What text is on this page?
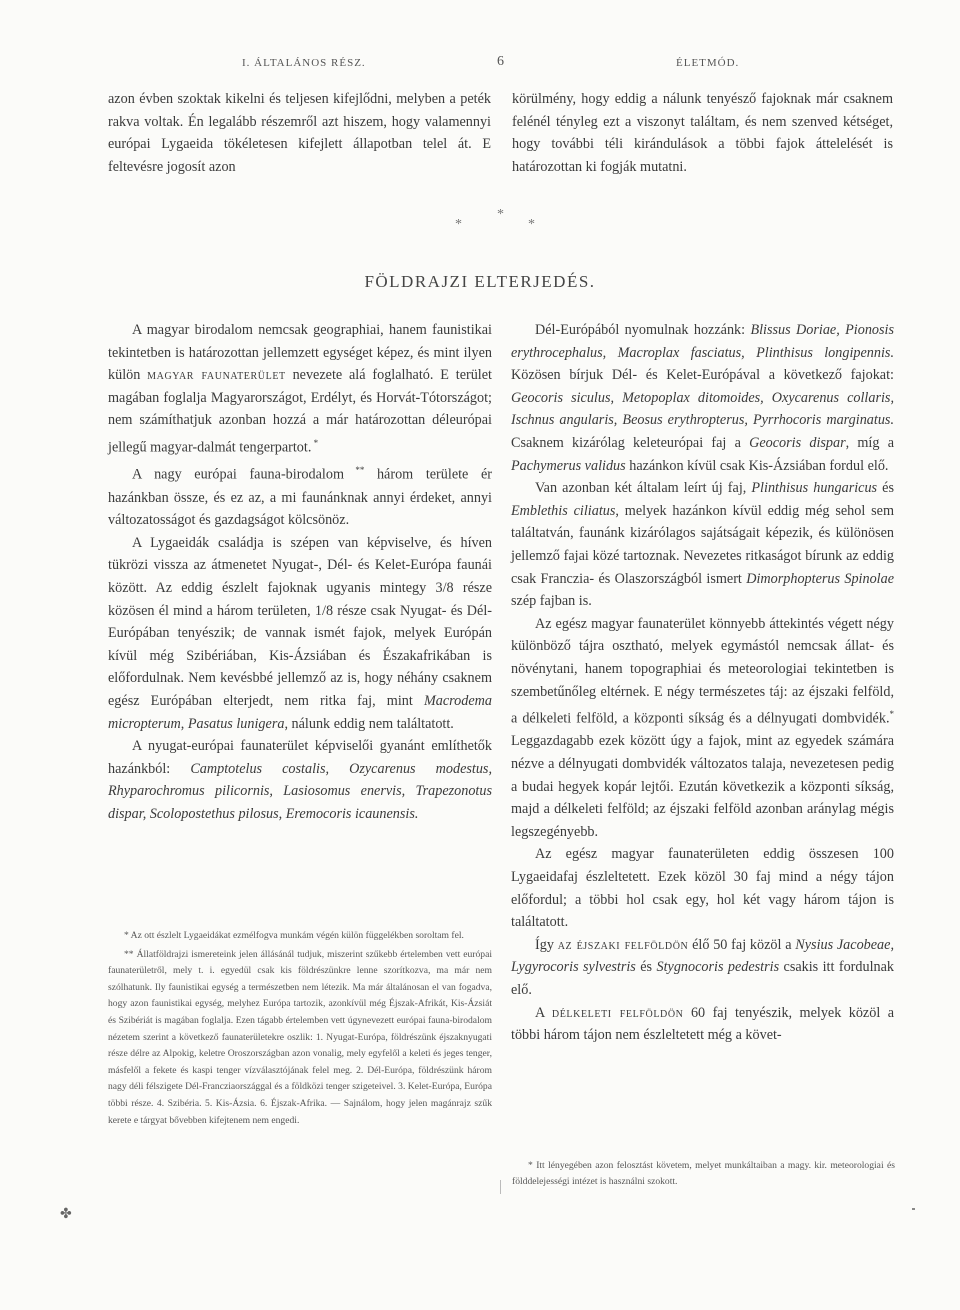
I. ÁLTALÁNOS RÉSZ.	6	ÉLETMÓD.

azon évben szoktak kikelni és teljesen kifejlődni, melyben a peték rakva voltak. Én legalább részemről azt hiszem, hogy valamennyi európai Lygaeida tökéletesen kifejlett állapotban telel át. E feltevésre jogosít azon

körülmény, hogy eddig a nálunk tenyésző fajoknak már csaknem felénél tényleg ezt a viszonyt találtam, és nem szenved kétséget, hogy további téli kirándulások a többi fajok áttelelését is határozottan ki fogják mutatni.

*
*
*
FÖLDRAJZI ELTERJEDÉS.

A magyar birodalom nemcsak geographiai, hanem faunistikai tekintetben is határozottan jellemzett egységet képez, és mint ilyen külön magyar faunaterület nevezete alá foglalható. E terület magában foglalja Magyarországot, Erdélyt, és Horvát-Tótországot; nem számíthatjuk azonban hozzá a már határozottan déleurópai jellegű magyar-dalmát tengerpartot. *

A nagy európai fauna-birodalom ** három területe ér hazánkban össze, és ez az, a mi faunánknak annyi érdeket, annyi változatosságot és gazdagságot kölcsönöz.

A Lygaeidák családja is szépen van képviselve, és híven tükrözi vissza az átmenetet Nyugat-, Dél- és Kelet-Európa faunái között. Az eddig észlelt fajoknak ugyanis mintegy 3/8 része közösen él mind a három területen, 1/8 része csak Nyugat- és Dél-Európában tenyészik; de vannak ismét fajok, melyek Európán kívül még Szibériában, Kis-Ázsiában és Északafrikában is előfordulnak. Nem kevésbbé jellemző az is, hogy néhány csaknem egész Európában elterjedt, nem ritka faj, mint Macrodema micropterum, Pasatus lunigera, nálunk eddig nem találtatott.

A nyugat-európai faunaterület képviselői gyanánt említhetők hazánkból: Camptotelus costalis, Ozycarenus modestus, Rhyparochromus pilicornis, Lasiosomus enervis, Trapezonotus dispar, Scolopostethus pilosus, Eremocoris icaunensis.

Dél-Európából nyomulnak hozzánk: Blissus Doriae, Pionosis erythrocephalus, Macroplax fasciatus, Plinthisus longipennis. Közösen bírjuk Dél- és Kelet-Európával a következő fajokat: Geocoris siculus, Metopoplax ditomoides, Oxycarenus collaris, Ischnus angularis, Beosus erythropterus, Pyrrhocoris marginatus. Csaknem kizárólag keleteurópai faj a Geocoris dispar, míg a Pachymerus validus hazánkon kívül csak Kis-Ázsiában fordul elő.

Van azonban két általam leírt új faj, Plinthisus hungaricus és Emblethis ciliatus, melyek hazánkon kívül eddig még sehol sem találtatván, faunánk kizárólagos sajátságait képezik, és különösen jellemző fajai közé tartoznak. Nevezetes ritkaságot bírunk az eddig csak Franczia- és Olaszországból ismert Dimorphopterus Spinolae szép fajban is.

Az egész magyar faunaterület könnyebb áttekintés végett négy különböző tájra osztható, melyek egymástól nemcsak állat- és növénytani, hanem topographiai és meteorologiai tekintetben is szembetűnőleg eltérnek. E négy természetes táj: az éjszaki felföld, a délkeleti felföld, a központi síkság és a délnyugati dombvidék.* Leggazdagabb ezek között úgy a fajok, mint az egyedek számára nézve a délnyugati dombvidék változatos talaja, nevezetesen pedig a budai hegyek kopár lejtői. Ezután következik a központi síkság, majd a délkeleti felföld; az éjszaki felföld azonban aránylag mégis legszegényebb.

Az egész magyar faunaterületen eddig összesen 100 Lygaeidafaj észleltetett. Ezek közöl 30 faj mind a négy tájon előfordul; a többi hol csak egy, hol két vagy három tájon is találtatott.

Így az éjszaki felföldön élő 50 faj közöl a Nysius Jacobeae, Lygyrocoris sylvestris és Stygnocoris pedestris csakis itt fordulnak elő.

A délkeleti felföldön 60 faj tenyészik, melyek közöl a többi három tájon nem észleltetett még a követ-

* Az ott észlelt Lygaeidákat ezmélfogva munkám végén külön függelékben soroltam fel.

** Állatföldrajzi ismereteink jelen állásánál tudjuk, miszerint szűkebb értelemben vett európai faunaterületről, mely t. i. egyedül csak kis földrészünkre lenne szorítkozva, ma már nem szólhatunk. Ily faunistikai egység a természetben nem létezik. Ma már általánosan el van fogadva, hogy azon faunistikai egység, melyhez Európa tartozik, azonkívül még Éjszak-Afrikát, Kis-Ázsiát és Szibériát is magában foglalja. Ezen tágabb értelemben vett úgynevezett európai fauna-birodalom nézetem szerint a következő faunaterületekre oszlik: 1. Nyugat-Európa, földrészünk éjszaknyugati része délre az Alpokig, keletre Oroszországban azon vonalig, mely egyfelől a keleti és jeges tenger, másfelől a fekete és kaspi tenger vízválasztójának felel meg. 2. Dél-Európa, földrészünk három nagy déli félszigete Dél-Francziaországgal és a földközi tenger szigeteivel. 3. Kelet-Európa, Európa többi része. 4. Szibéria. 5. Kis-Ázsia. 6. Éjszak-Afrika. — Sajnálom, hogy jelen magánrajz szűk kerete e tárgyat bővebben kifejtenem nem engedi.

* Itt lényegében azon felosztást követem, melyet munkáltaiban a magy. kir. meteorologiai és földdelejességi intézet is használni szokott.

✤
